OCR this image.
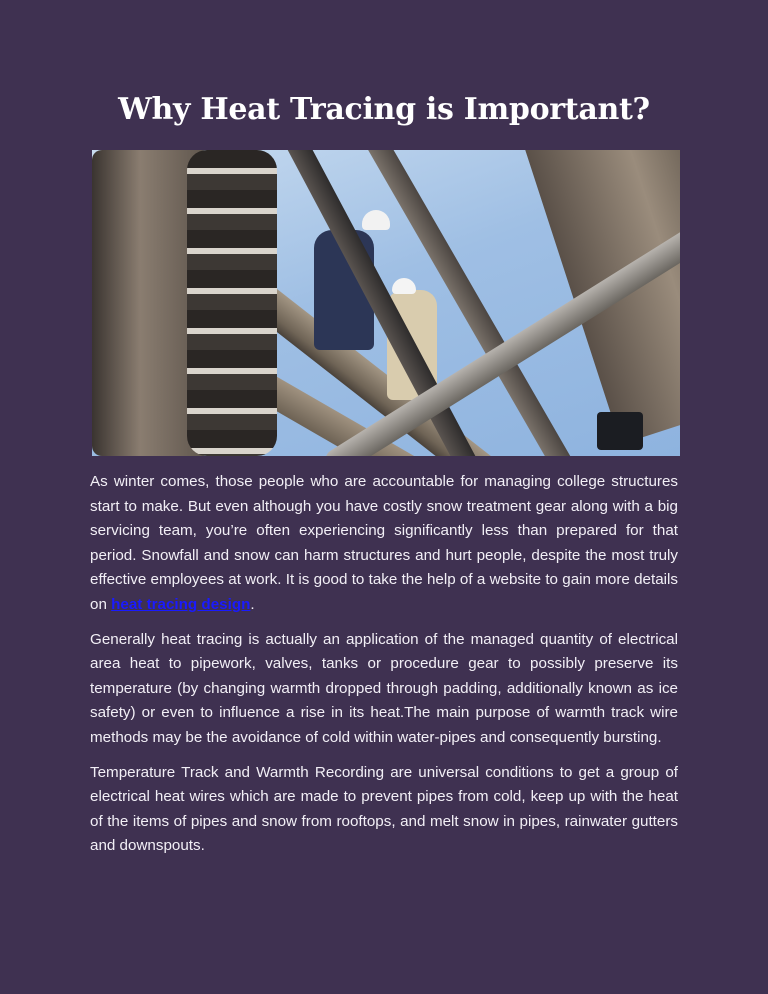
Why Heat Tracing is Important?

As winter comes, those people who are accountable for managing college structures start to make. But even although you have costly snow treatment gear along with a big servicing team, you’re often experiencing significantly less than prepared for that period. Snowfall and snow can harm structures and hurt people, despite the most truly effective employees at work. It is good to take the help of a website to gain more details on heat tracing design.

Generally heat tracing is actually an application of the managed quantity of electrical area heat to pipework, valves, tanks or procedure gear to possibly preserve its temperature (by changing warmth dropped through padding, additionally known as ice safety) or even to influence a rise in its heat.The main purpose of warmth track wire methods may be the avoidance of cold within water-pipes and consequently bursting.

Temperature Track and Warmth Recording are universal conditions to get a group of electrical heat wires which are made to prevent pipes from cold, keep up with the heat of the items of pipes and snow from rooftops, and melt snow in pipes, rainwater gutters and downspouts.
